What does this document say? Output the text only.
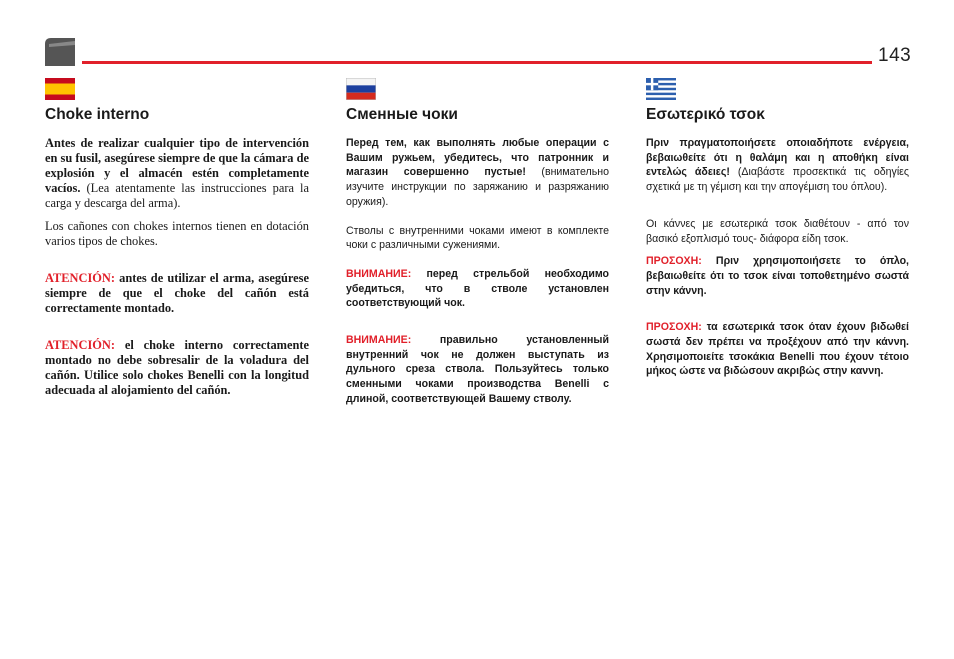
143
Choke interno

Antes de realizar cualquier tipo de intervención en su fusil, asegúrese siempre de que la cámara de explosión y el almacén estén completamente vacíos. (Lea atentamente las instrucciones para la carga y descarga del arma).

Los cañones con chokes internos tienen en dotación varios tipos de chokes.

ATENCIÓN: antes de utilizar el arma, asegúrese siempre de que el choke del cañón está correctamente montado.

ATENCIÓN: el choke interno correctamente montado no debe sobresalir de la voladura del cañón. Utilice solo chokes Benelli con la longitud adecuada al alojamiento del cañón.

Сменные чоки

Перед тем, как выполнять любые операции с Вашим ружьем, убедитесь, что патронник и магазин совершенно пустые! (внимательно изучите инструкции по заряжанию и разряжанию оружия).

Стволы с внутренними чоками имеют в комплекте чоки с различными сужениями.

ВНИМАНИЕ: перед стрельбой необходимо убедиться, что в стволе установлен соответствующий чок.

ВНИМАНИЕ: правильно установленный внутренний чок не должен выступать из дульного среза ствола. Пользуйтесь только сменными чоками производства Benelli с длиной, соответствующей Вашему стволу.

Εσωτερικό τσοκ

Πριν πραγματοποιήσετε οποιαδήποτε ενέργεια, βεβαιωθείτε ότι η θαλάμη και η αποθήκη είναι εντελώς άδειες! (Διαβάστε προσεκτικά τις οδηγίες σχετικά με τη γέμιση και την απογέμιση του όπλου).

Οι κάννες με εσωτερικά τσοκ διαθέτουν - από τον βασικό εξοπλισμό τους- διάφορα είδη τσοκ.

ΠΡΟΣΟΧΗ: Πριν χρησιμοποιήσετε το όπλο, βεβαιωθείτε ότι το τσοκ είναι τοποθετημένο σωστά στην κάννη.

ΠΡΟΣΟΧΗ: τα εσωτερικά τσοκ όταν έχουν βιδωθεί σωστά δεν πρέπει να προξέχουν από την κάννη. Χρησιμοποιείτε τσοκάκια Benelli που έχουν τέτοιο μήκος ώστε να βιδώσουν ακριβώς στην καννη.
